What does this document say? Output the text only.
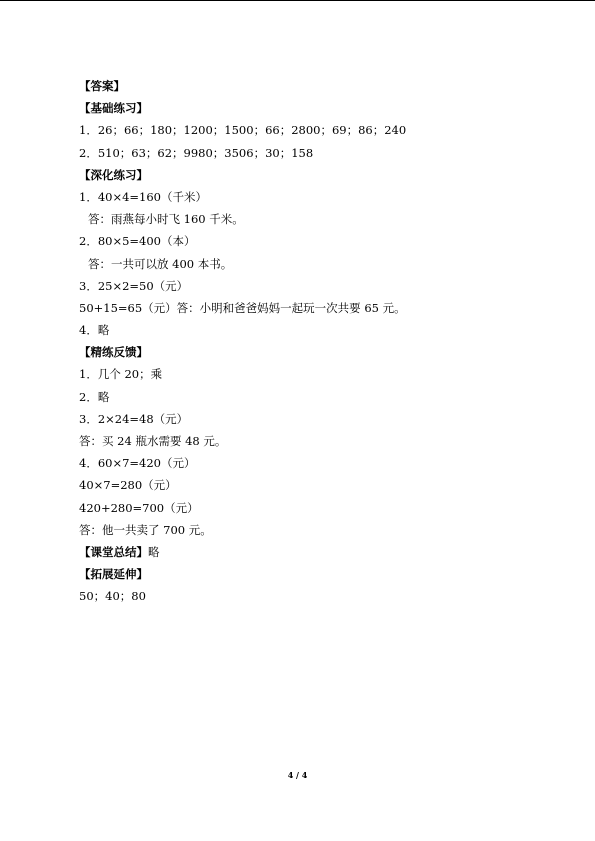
【答案】
【基础练习】
1．26；66；180；1200；1500；66；2800；69；86；240
2．510；63；62；9980；3506；30；158
【深化练习】
1．40×4=160（千米）
答：雨燕每小时飞 160 千米。
2．80×5=400（本）
答：一共可以放 400 本书。
3．25×2=50（元）
50+15=65（元）答：小明和爸爸妈妈一起玩一次共要 65 元。
4．略
【精练反馈】
1．几个 20；乘
2．略
3．2×24=48（元）
答：买 24 瓶水需要 48 元。
4．60×7=420（元）
40×7=280（元）
420+280=700（元）
答：他一共卖了 700 元。
【课堂总结】略
【拓展延伸】
50；40；80
4 / 4
